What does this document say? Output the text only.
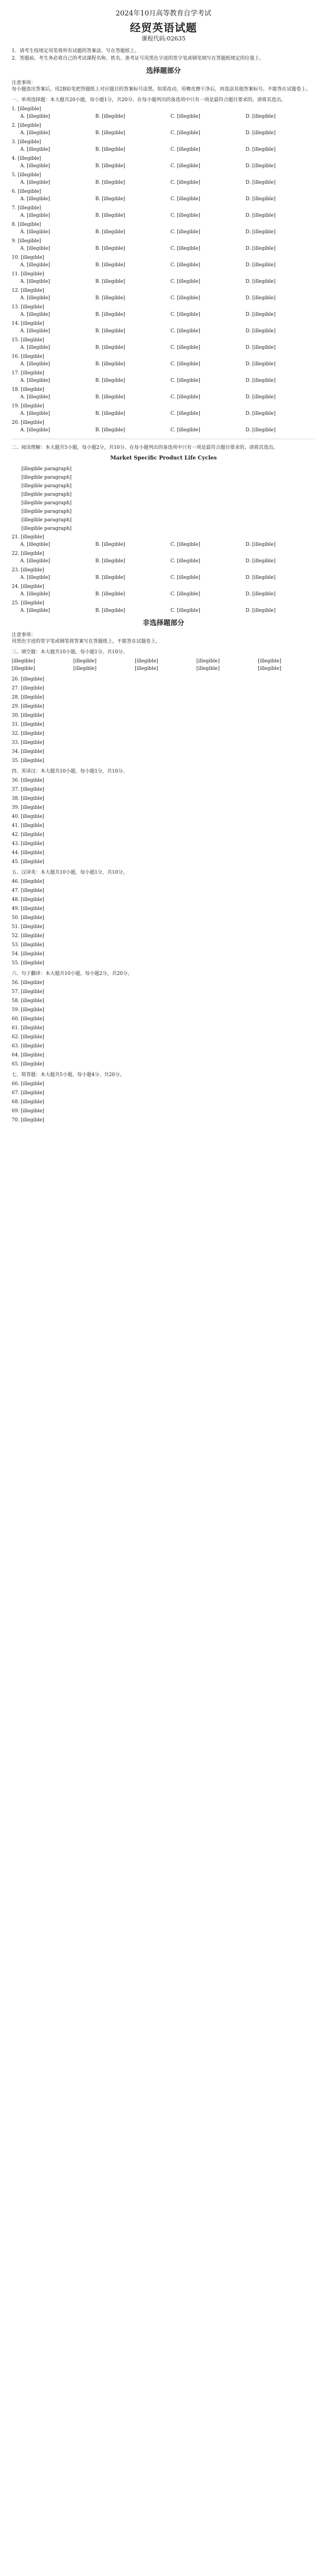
2024年10月高等教育自学考试
经贸英语试题
课程代码:02635
1．请考生按规定用笔将所有试题的答案涂、写在答题纸上。
2．答题前，考生务必将自己的考试课程名称、姓名、准考证号用黑色字迹的签字笔或钢笔填写在答题纸规定的位置上。
选择题部分
注意事项：
每小题选出答案后，用2B铅笔把答题纸上对应题目的答案标号涂黑。如需改动，用橡皮擦干净后，再选涂其他答案标号。不能答在试题卷上。
一、单项选择题：本大题共20小题，每小题1分，共20分。在每小题列出的备选项中只有一项是最符合题目要求的，请将其选出。
1. [illegible]
A. [illegible]	B. [illegible]	C. [illegible]	D. [illegible]
2. [illegible]
A. [illegible]	B. [illegible]	C. [illegible]	D. [illegible]
3. [illegible]
A. [illegible]	B. [illegible]	C. [illegible]	D. [illegible]
4. [illegible]
A. [illegible]	B. [illegible]	C. [illegible]	D. [illegible]
5. [illegible]
A. [illegible]	B. [illegible]	C. [illegible]	D. [illegible]
6. [illegible]
A. [illegible]	B. [illegible]	C. [illegible]	D. [illegible]
7. [illegible]
A. [illegible]	B. [illegible]	C. [illegible]	D. [illegible]
8. [illegible]
A. [illegible]	B. [illegible]	C. [illegible]	D. [illegible]
9. [illegible]
A. [illegible]	B. [illegible]	C. [illegible]	D. [illegible]
10. [illegible]
A. [illegible]	B. [illegible]	C. [illegible]	D. [illegible]
11. [illegible]
A. [illegible]	B. [illegible]	C. [illegible]	D. [illegible]
12. [illegible]
A. [illegible]	B. [illegible]	C. [illegible]	D. [illegible]
13. [illegible]
A. [illegible]	B. [illegible]	C. [illegible]	D. [illegible]
14. [illegible]
A. [illegible]	B. [illegible]	C. [illegible]	D. [illegible]
15. [illegible]
A. [illegible]	B. [illegible]	C. [illegible]	D. [illegible]
16. [illegible]
A. [illegible]	B. [illegible]	C. [illegible]	D. [illegible]
17. [illegible]
A. [illegible]	B. [illegible]	C. [illegible]	D. [illegible]
18. [illegible]
A. [illegible]	B. [illegible]	C. [illegible]	D. [illegible]
19. [illegible]
A. [illegible]	B. [illegible]	C. [illegible]	D. [illegible]
20. [illegible]
A. [illegible]	B. [illegible]	C. [illegible]	D. [illegible]
二、阅读理解：本大题共5小题，每小题2分，共10分。在每小题列出的备选项中只有一项是最符合题目要求的，请将其选出。
Market Specific Product Life Cycles

[illegible paragraph]

[illegible paragraph]

[illegible paragraph]

[illegible paragraph]

[illegible paragraph]

[illegible paragraph]

[illegible paragraph]

[illegible paragraph]

21. [illegible]
A. [illegible]	B. [illegible]	C. [illegible]	D. [illegible]
22. [illegible]
A. [illegible]	B. [illegible]	C. [illegible]	D. [illegible]
23. [illegible]
A. [illegible]	B. [illegible]	C. [illegible]	D. [illegible]
24. [illegible]
A. [illegible]	B. [illegible]	C. [illegible]	D. [illegible]
25. [illegible]
A. [illegible]	B. [illegible]	C. [illegible]	D. [illegible]
非选择题部分
注意事项：
用黑色字迹的签字笔或钢笔将答案写在答题纸上，不能答在试题卷上。
三、填空题：本大题共10小题，每小题1分，共10分。
[illegible]	[illegible]	[illegible]	[illegible]	[illegible]
[illegible]	[illegible]	[illegible]	[illegible]	[illegible]
26. [illegible]
27. [illegible]
28. [illegible]
29. [illegible]
30. [illegible]
31. [illegible]
32. [illegible]
33. [illegible]
34. [illegible]
35. [illegible]
四、英译汉：本大题共10小题，每小题1分，共10分。
36. [illegible]
37. [illegible]
38. [illegible]
39. [illegible]
40. [illegible]
41. [illegible]
42. [illegible]
43. [illegible]
44. [illegible]
45. [illegible]
五、汉译英：本大题共10小题，每小题1分，共10分。
46. [illegible]
47. [illegible]
48. [illegible]
49. [illegible]
50. [illegible]
51. [illegible]
52. [illegible]
53. [illegible]
54. [illegible]
55. [illegible]
六、句子翻译：本大题共10小题，每小题2分，共20分。
56. [illegible]
57. [illegible]
58. [illegible]
59. [illegible]
60. [illegible]
61. [illegible]
62. [illegible]
63. [illegible]
64. [illegible]
65. [illegible]
七、简答题：本大题共5小题，每小题4分，共20分。
66. [illegible]
67. [illegible]
68. [illegible]
69. [illegible]
70. [illegible]
